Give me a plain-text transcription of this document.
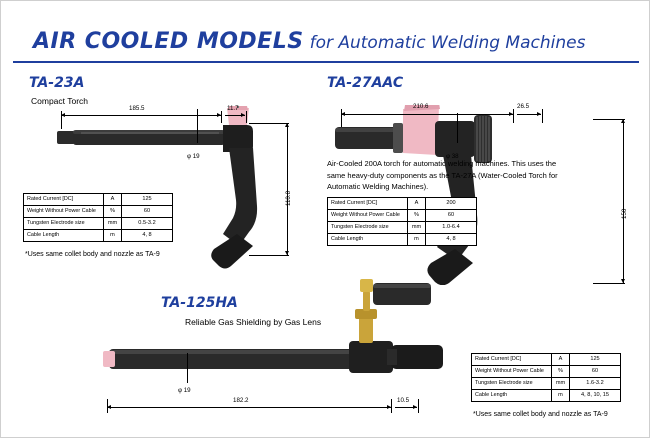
AIR COOLED MODELS for Automatic Welding Machines
TA-23A
Compact Torch
185.5	11.7
φ 19
110.8
Rated Current [DC]	A	125
Weight Without Power Cable	%	60
Tungsten Electrode size	mm	0.5-3.2
Cable Length	m	4, 8
*Uses same collet body and nozzle as TA-9
TA-27AAC
210.6	26.5
φ 38
150
Air-Cooled 200A torch for automatic welding machines. This uses the same heavy-duty components as the TA-27A (Water-Cooled Torch for Automatic Welding Machines).
Rated Current [DC]	A	200
Weight Without Power Cable	%	60
Tungsten Electrode size	mm	1.0-6.4
Cable Length	m	4, 8
TA-125HA
Reliable Gas Shielding by Gas Lens
φ 19
182.2	10.5
Rated Current [DC]	A	125
Weight Without Power Cable	%	60
Tungsten Electrode size	mm	1.6-3.2
Cable Length	m	4, 8, 10, 15
*Uses same collet body and nozzle as TA-9
